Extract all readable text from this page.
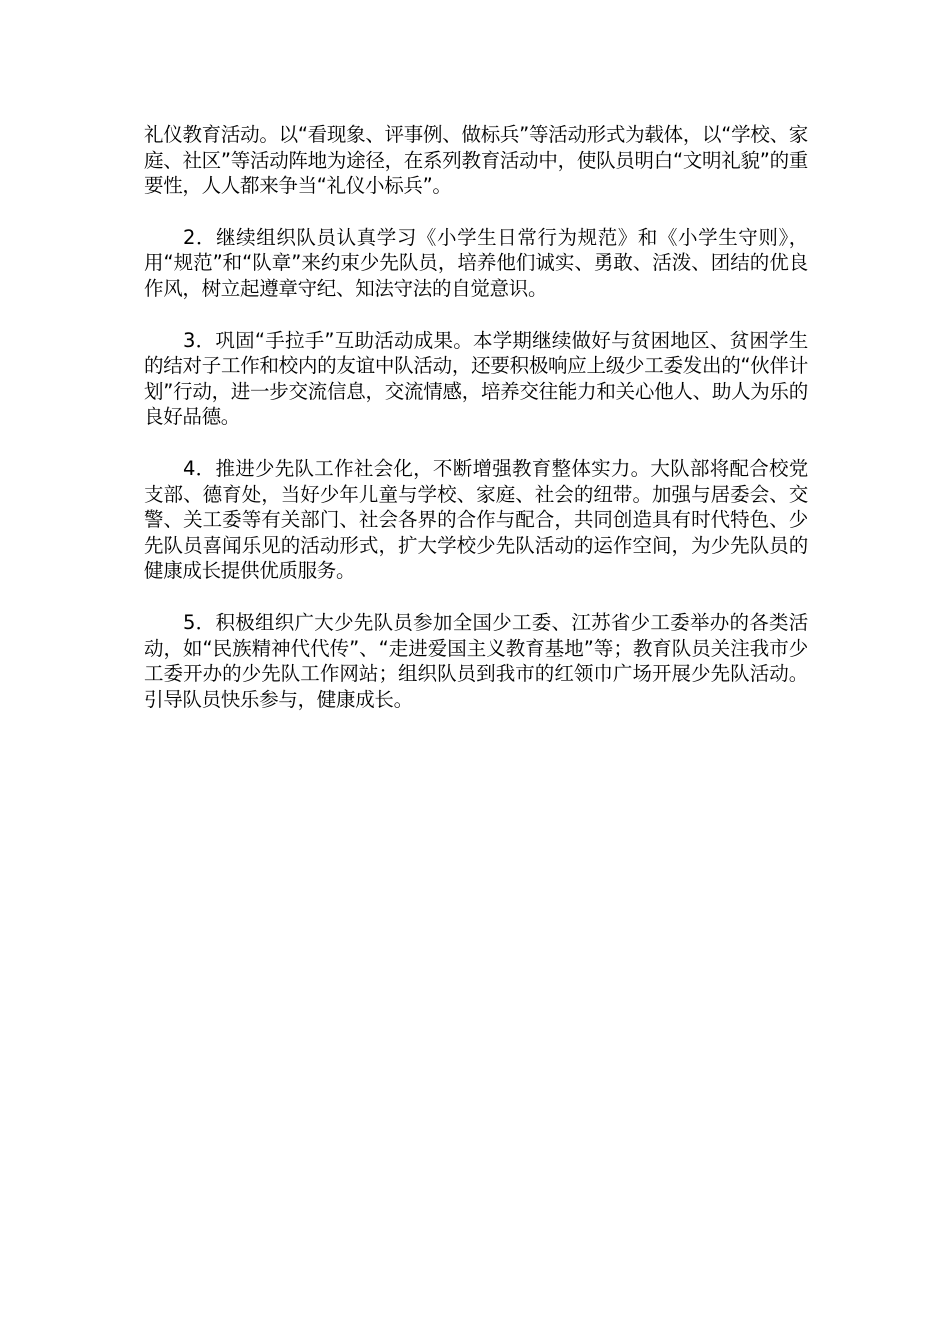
礼仪教育活动。以“看现象、评事例、做标兵”等活动形式为载体，以“学校、家庭、社区”等活动阵地为途径，在系列教育活动中，使队员明白“文明礼貌”的重要性，人人都来争当“礼仪小标兵”。

2．继续组织队员认真学习《小学生日常行为规范》和《小学生守则》，用“规范”和“队章”来约束少先队员，培养他们诚实、勇敢、活泼、团结的优良作风，树立起遵章守纪、知法守法的自觉意识。

3．巩固“手拉手”互助活动成果。本学期继续做好与贫困地区、贫困学生的结对子工作和校内的友谊中队活动，还要积极响应上级少工委发出的“伙伴计划”行动，进一步交流信息，交流情感，培养交往能力和关心他人、助人为乐的良好品德。

4．推进少先队工作社会化，不断增强教育整体实力。大队部将配合校党支部、德育处，当好少年儿童与学校、家庭、社会的纽带。加强与居委会、交警、关工委等有关部门、社会各界的合作与配合，共同创造具有时代特色、少先队员喜闻乐见的活动形式，扩大学校少先队活动的运作空间，为少先队员的健康成长提供优质服务。

5．积极组织广大少先队员参加全国少工委、江苏省少工委举办的各类活动，如“民族精神代代传”、“走进爱国主义教育基地”等；教育队员关注我市少工委开办的少先队工作网站；组织队员到我市的红领巾广场开展少先队活动。引导队员快乐参与，健康成长。
